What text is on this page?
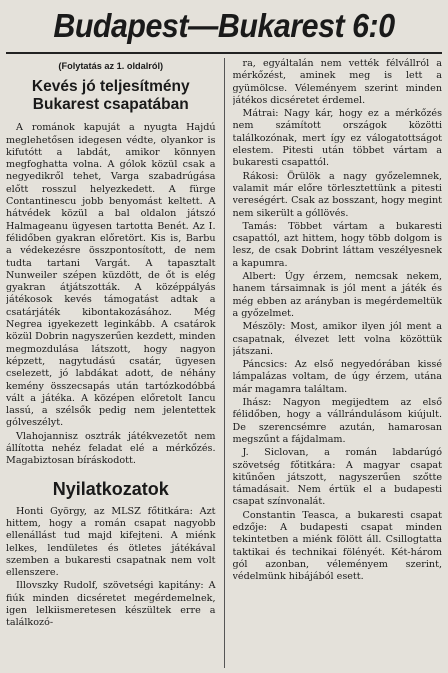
Budapest—Bukarest 6:0
(Folytatás az 1. oldalról)
Kevés jó teljesítmény Bukarest csapatában

A románok kapuját a nyugta Hajdú meglehetősen idegesen védte, olyankor is kifutótt a labdát, amikor könnyen megfoghatta volna. A gólok közül csak a negyedikről tehet, Varga szabadrúgása előtt rosszul helyezkedett. A fürge Contantinescu jobb benyomást keltett. A hátvédek közül a bal oldalon játszó Halmageanu ügyesen tartotta Benét. Az I. félidőben gyakran előretört. Kis is, Barbu a védekezésre összpontosított, de nem tudta tartani Vargát. A tapasztalt Nunweiler szépen küzdött, de őt is elég gyakran átjátszották. A középpályás játékosok kevés támogatást adtak a csatárjáték kibontakozásához. Még Negrea igyekezett leginkább. A csatárok közül Dobrin nagyszerűen kezdett, minden megmozdulása látszott, hogy nagyon képzett, nagytudású csatár, ügyesen cselezett, jó labdákat adott, de néhány kemény összecsapás után tartózkodóbbá vált a játéka. A középen előretolt Iancu lassú, a szélsők pedig nem jelentettek gólveszélyt.

Vlahojannisz osztrák játékvezetőt nem állította nehéz feladat elé a mérkőzés. Magabiztosan bíráskodott.

Nyilatkozatok

Honti György, az MLSZ főtitkára: Azt hittem, hogy a román csapat nagyobb ellenállást tud majd kifejteni. A miénk lelkes, lendületes és ötletes játékával szemben a bukaresti csapatnak nem volt ellenszere.

Illovszky Rudolf, szövetségi kapitány: A fiúk minden dicséretet megérdemelnek, igen lelkiismeretesen készültek erre a találkozó-

ra, egyáltalán nem vették félvállról a mérkőzést, aminek meg is lett a gyümölcse. Véleményem szerint minden játékos dicséretet érdemel.

Mátrai: Nagy kár, hogy ez a mérkőzés nem számított országok közötti találkozónak, mert így ez válogatottságot elestem. Pitesti után többet vártam a bukaresti csapattól.

Rákosi: Örülök a nagy győzelemnek, valamit már előre törlesztettünk a pitesti vereségért. Csak az bosszant, hogy megint nem sikerült a góllövés.

Tamás: Többet vártam a bukaresti csapattól, azt hittem, hogy több dolgom is lesz, de csak Dobrint láttam veszélyesnek a kapumra.

Albert: Úgy érzem, nemcsak nekem, hanem társaimnak is jól ment a játék és még ebben az arányban is megérdemeltük a győzelmet.

Mészöly: Most, amikor ilyen jól ment a csapatnak, élvezet lett volna közöttük játszani.

Páncsics: Az első negyedórában kissé lámpalázas voltam, de úgy érzem, utána már magamra találtam.

Ihász: Nagyon megijedtem az első félidőben, hogy a vállrándulásom kiújult. De szerencsémre azután, hamarosan megszűnt a fájdalmam.

J. Siclovan, a román labdarúgó szövetség főtitkára: A magyar csapat kitűnően játszott, nagyszerűen szőtte támadásait. Nem értük el a budapesti csapat színvonalát.

Constantin Teasca, a bukaresti csapat edzője: A budapesti csapat minden tekintetben a miénk fölött áll. Csillogtatta taktikai és technikai fölényét. Két-három gól azonban, véleményem szerint, védelmünk hibájából esett.
